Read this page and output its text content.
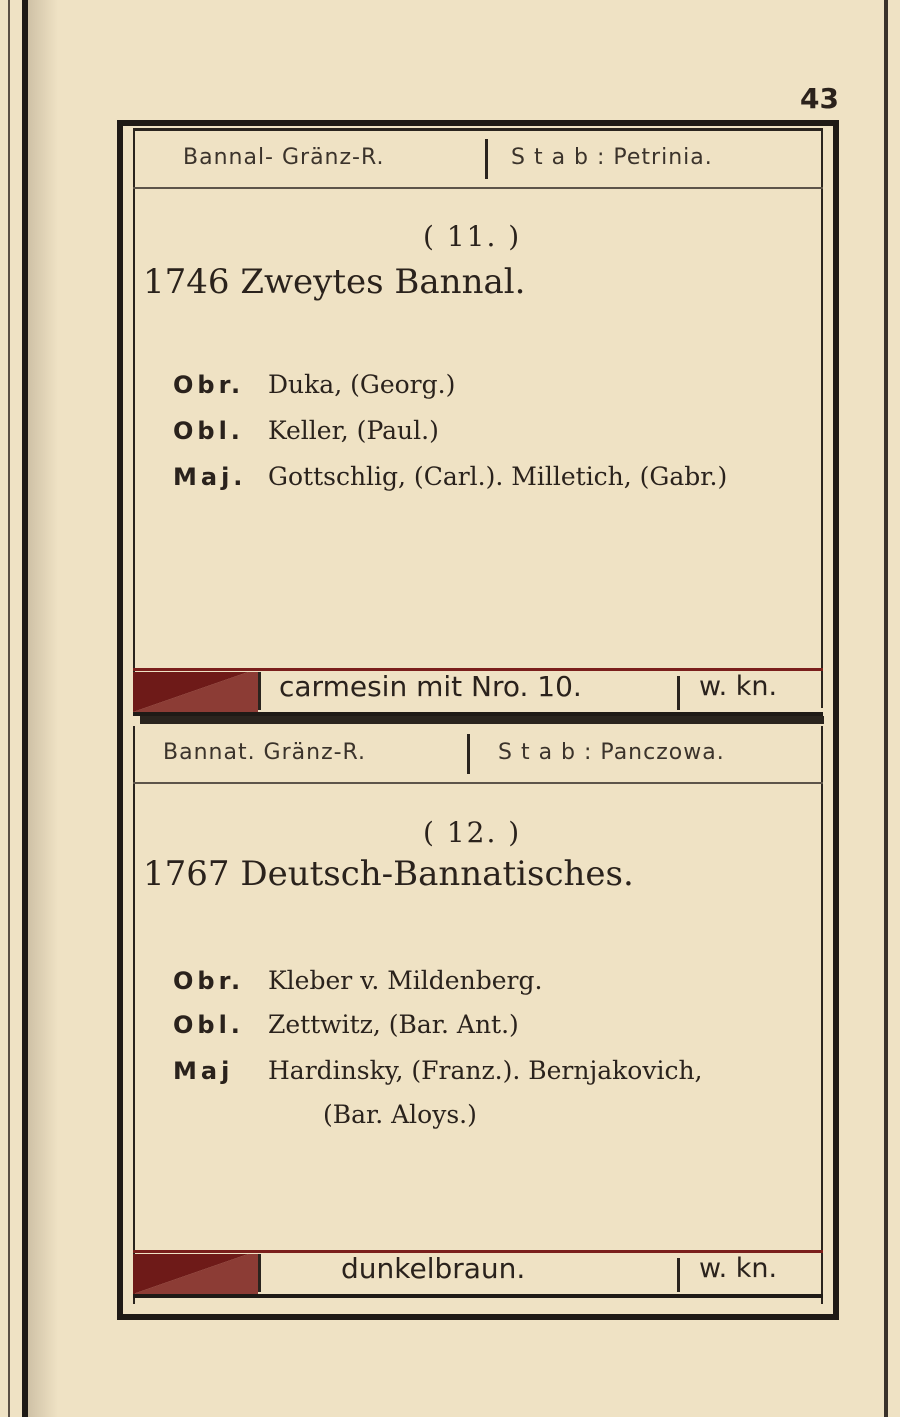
43
Bannal- Gränz-R.	S t a b : Petrinia.
( 11. )
1746 Zweytes Bannal.
Obr. Duka, (Georg.)
Obl. Keller, (Paul.)
Maj. Gottschlig, (Carl.). Milletich, (Gabr.)
carmesin mit Nro. 10.	w. kn.
Bannat. Gränz-R.	S t a b : Panczowa.
( 12. )
1767 Deutsch-Bannatisches.
Obr. Kleber v. Mildenberg.
Obl. Zettwitz, (Bar. Ant.)
Maj Hardinsky, (Franz.). Bernjakovich,
(Bar. Aloys.)
dunkelbraun.	w. kn.
